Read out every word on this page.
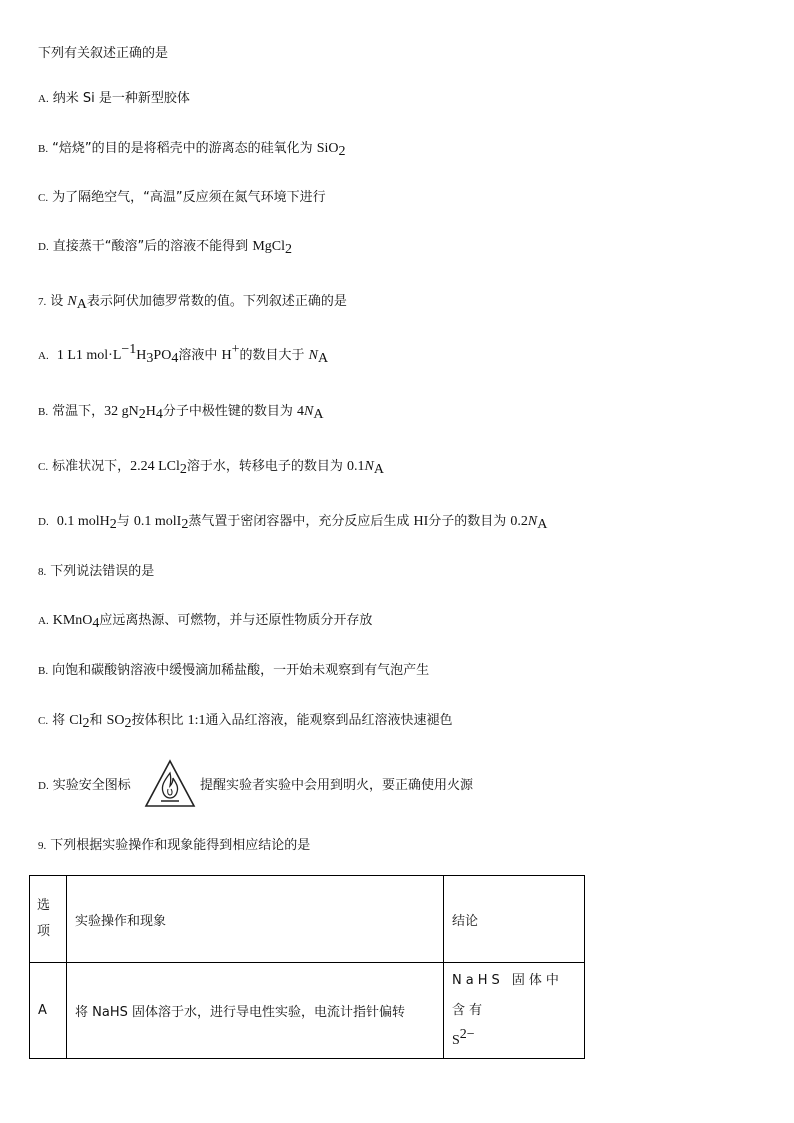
下列有关叙述正确的是
A. 纳米 Si 是一种新型胶体
B. “焙烧”的目的是将稻壳中的游离态的硅氧化为 SiO$_2$
C. 为了隔绝空气，“高温”反应须在氮气环境下进行
D. 直接蒸干“酸溶”后的溶液不能得到 MgCl$_2$
7. 设 $N_A$表示阿伏加德罗常数的值。下列叙述正确的是
A. 1 L1 $mol\cdot L^{-1}H_3PO_4$溶液中 H+的数目大于 $N_A$
B. 常温下，32 $gN_2H_4$分子中极性键的数目为 $4N_A$
C. 标准状况下，2.24 LCl$_2$溶于水，转移电子的数目为 $0.1N_A$
D. 0.1 molH$_2$与 0.1 molI$_2$蒸气置于密闭容器中，充分反应后生成 HI分子的数目为 $0.2N_A$
8. 下列说法错误的是
A. KMnO$_4$应远离热源、可燃物，并与还原性物质分开存放
B. 向饱和碳酸钠溶液中缓慢滴加稀盐酸，一开始未观察到有气泡产生
C. 将 $Cl_2$和 $SO_2$按体积比 1:1通入品红溶液，能观察到品红溶液快速褪色
D. 实验安全图标	提醒实验者实验中会用到明火，要正确使用火源
9. 下列根据实验操作和现象能得到相应结论的是
选项	实验操作和现象	结论
A	将 NaHS 固体溶于水，进行导电性实验，电流计指针偏转	NaHS 固体中含有
$S^{2-}$
